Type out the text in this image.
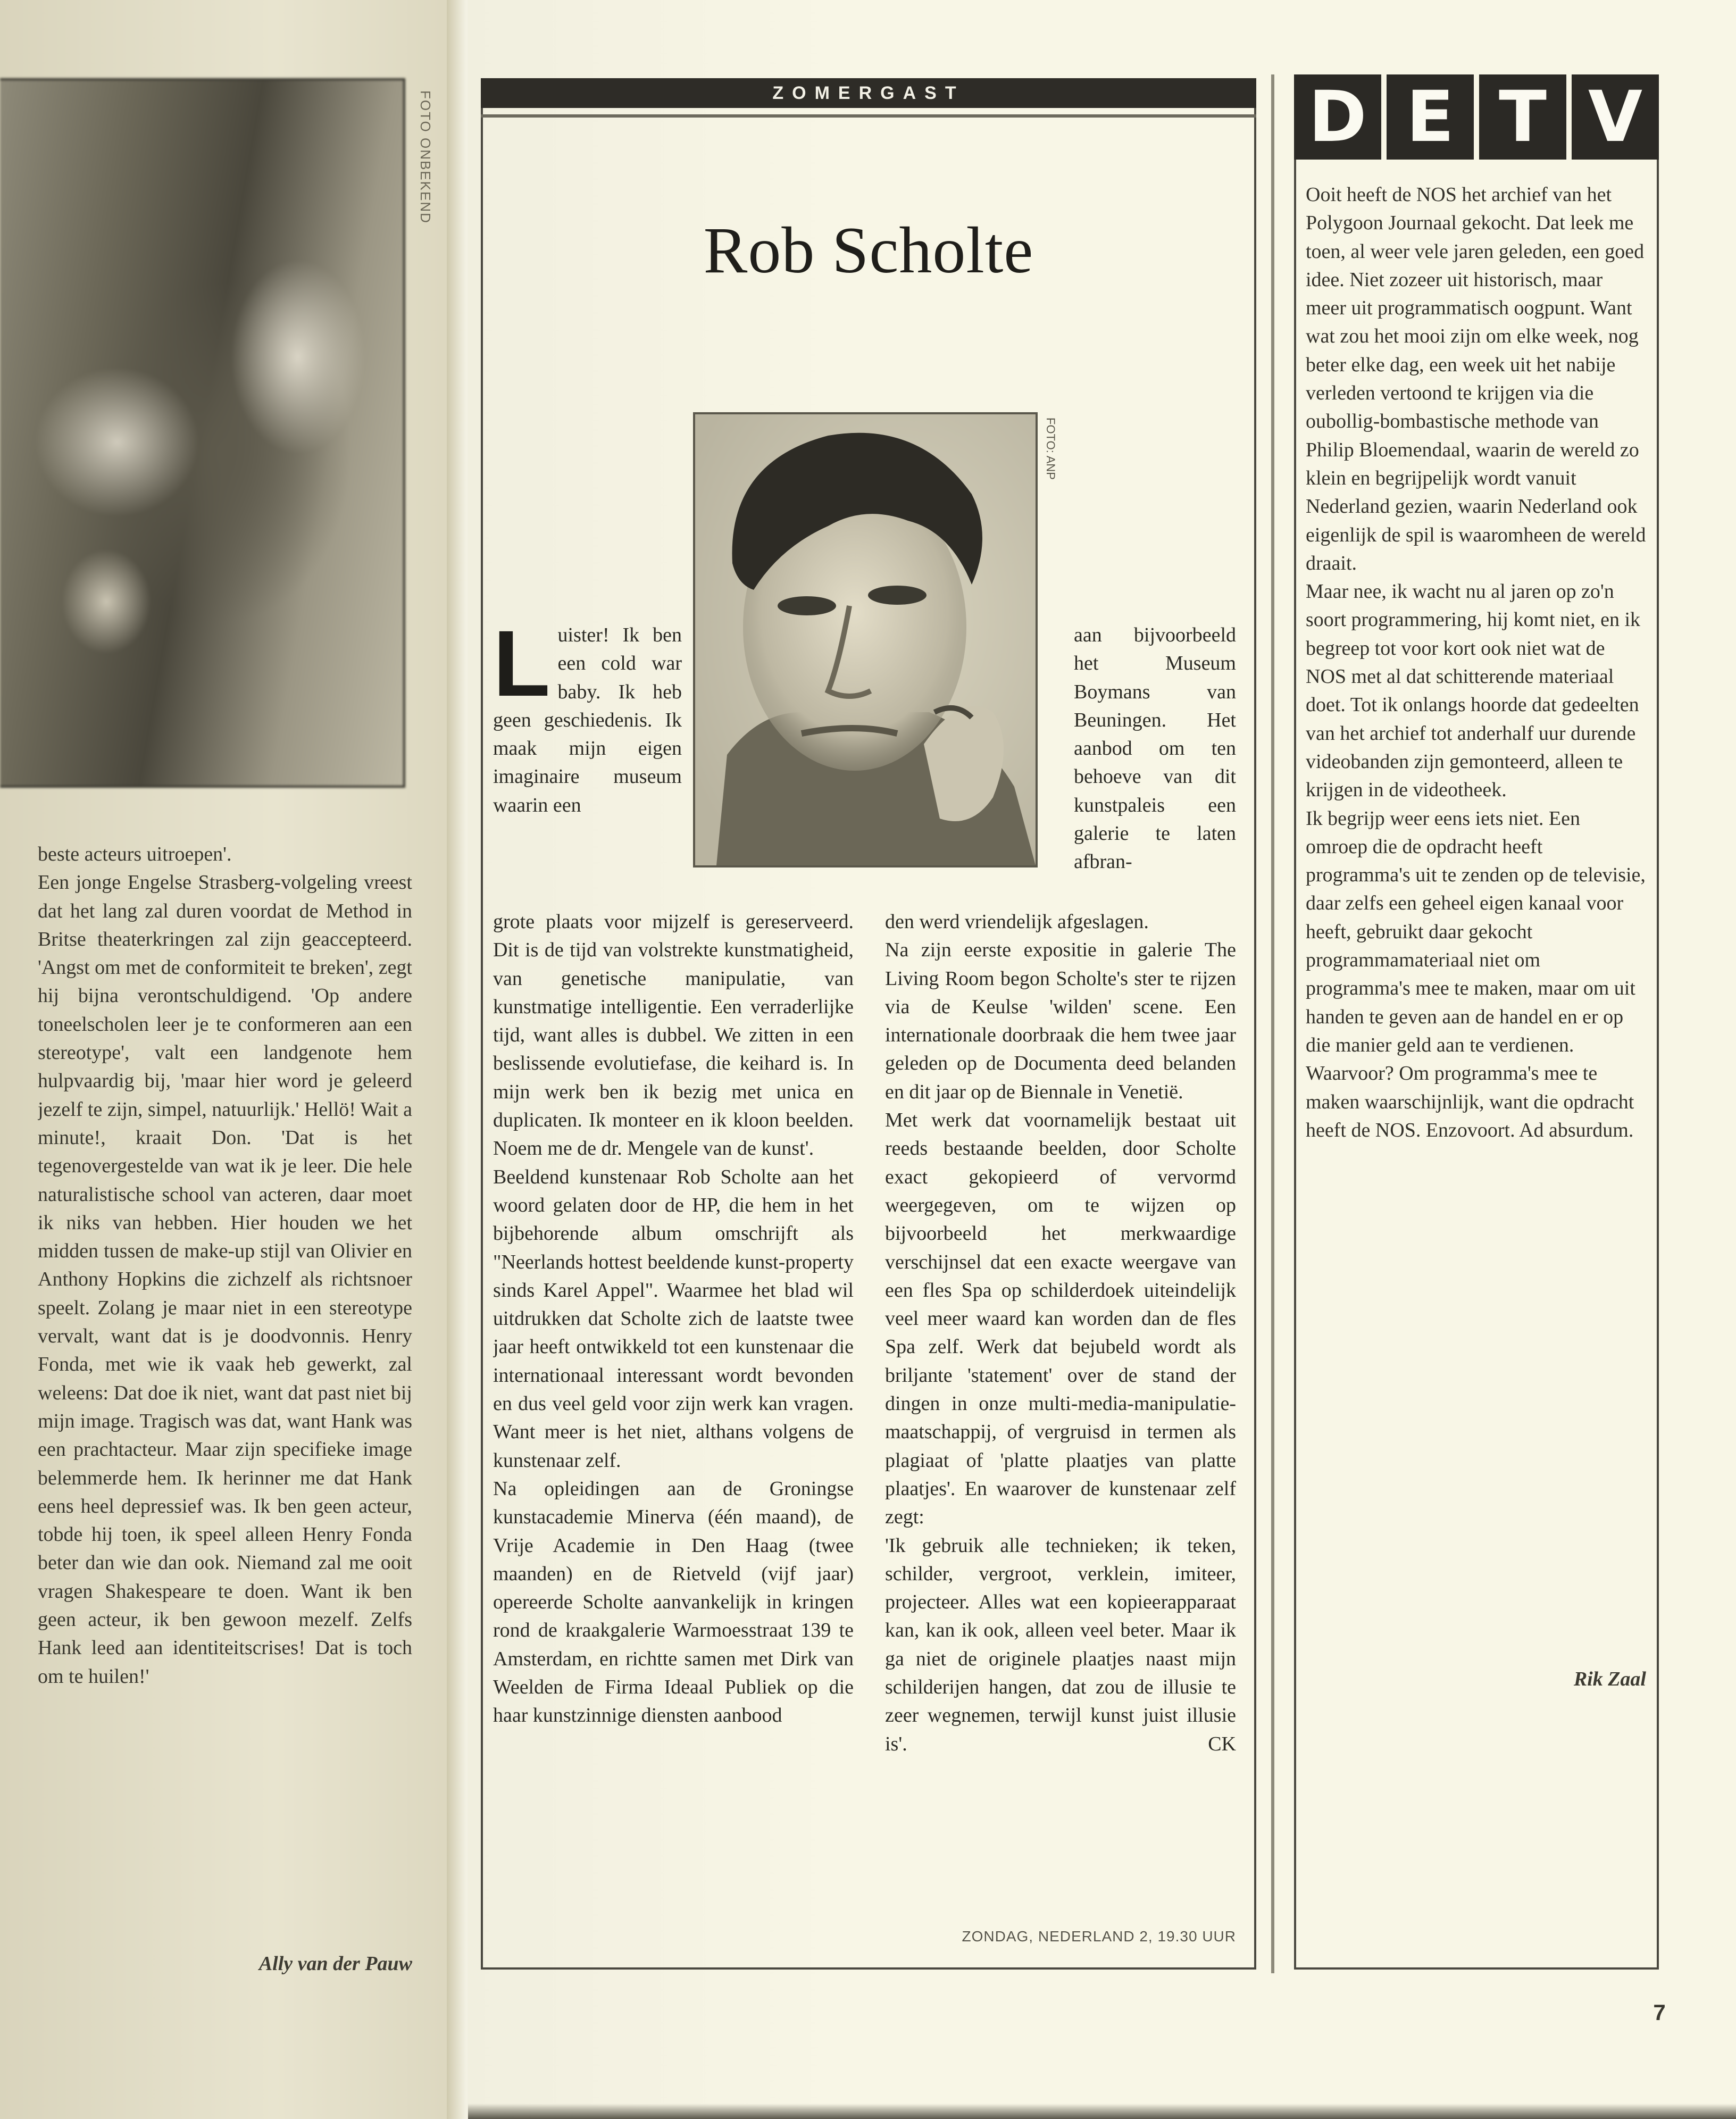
FOTO ONBEKEND

beste acteurs uitroepen'.

Een jonge Engelse Strasberg-volgeling vreest dat het lang zal duren voordat de Method in Britse theaterkringen zal zijn geaccepteerd. 'Angst om met de conformiteit te breken', zegt hij bijna verontschuldigend. 'Op andere toneelscholen leer je te conformeren aan een stereotype', valt een landgenote hem hulpvaardig bij, 'maar hier word je geleerd jezelf te zijn, simpel, natuurlijk.' Hellö! Wait a minute!, kraait Don. 'Dat is het tegenovergestelde van wat ik je leer. Die hele naturalistische school van acteren, daar moet ik niks van hebben. Hier houden we het midden tussen de make-up stijl van Olivier en Anthony Hopkins die zichzelf als richtsnoer speelt. Zolang je maar niet in een stereotype vervalt, want dat is je doodvonnis. Henry Fonda, met wie ik vaak heb gewerkt, zal weleens: Dat doe ik niet, want dat past niet bij mijn image. Tragisch was dat, want Hank was een prachtacteur. Maar zijn specifieke image belemmerde hem. Ik herinner me dat Hank eens heel depressief was. Ik ben geen acteur, tobde hij toen, ik speel alleen Henry Fonda beter dan wie dan ook. Niemand zal me ooit vragen Shakespeare te doen. Want ik ben geen acteur, ik ben gewoon mezelf. Zelfs Hank leed aan identiteitscrises! Dat is toch om te huilen!'

Ally van der Pauw
ZOMERGAST
Rob Scholte
FOTO: ANP
L uister! Ik ben een cold war baby. Ik heb geen geschiedenis. Ik maak mijn eigen imaginaire museum waarin een
aan bijvoorbeeld het Museum Boymans van Beuningen. Het aanbod om ten behoeve van dit kunstpaleis een galerie te laten afbran-

grote plaats voor mijzelf is gereserveerd. Dit is de tijd van volstrekte kunstmatigheid, van genetische manipulatie, van kunstmatige intelligentie. Een verraderlijke tijd, want alles is dubbel. We zitten in een beslissende evolutiefase, die keihard is. In mijn werk ben ik bezig met unica en duplicaten. Ik monteer en ik kloon beelden. Noem me de dr. Mengele van de kunst'.

Beeldend kunstenaar Rob Scholte aan het woord gelaten door de HP, die hem in het bijbehorende album omschrijft als "Neerlands hottest beeldende kunst-property sinds Karel Appel". Waarmee het blad wil uitdrukken dat Scholte zich de laatste twee jaar heeft ontwikkeld tot een kunstenaar die internationaal interessant wordt bevonden en dus veel geld voor zijn werk kan vragen. Want meer is het niet, althans volgens de kunstenaar zelf.

Na opleidingen aan de Groningse kunstacademie Minerva (één maand), de Vrije Academie in Den Haag (twee maanden) en de Rietveld (vijf jaar) opereerde Scholte aanvankelijk in kringen rond de kraakgalerie Warmoesstraat 139 te Amsterdam, en richtte samen met Dirk van Weelden de Firma Ideaal Publiek op die haar kunstzinnige diensten aanbood

den werd vriendelijk afgeslagen.

Na zijn eerste expositie in galerie The Living Room begon Scholte's ster te rijzen via de Keulse 'wilden' scene. Een internationale doorbraak die hem twee jaar geleden op de Documenta deed belanden en dit jaar op de Biennale in Venetië.

Met werk dat voornamelijk bestaat uit reeds bestaande beelden, door Scholte exact gekopieerd of vervormd weergegeven, om te wijzen op bijvoorbeeld het merkwaardige verschijnsel dat een exacte weergave van een fles Spa op schilderdoek uiteindelijk veel meer waard kan worden dan de fles Spa zelf. Werk dat bejubeld wordt als briljante 'statement' over de stand der dingen in onze multi-media-manipulatie-maatschappij, of vergruisd in termen als plagiaat of 'platte plaatjes van platte plaatjes'. En waarover de kunstenaar zelf zegt:

'Ik gebruik alle technieken; ik teken, schilder, vergroot, verklein, imiteer, projecteer. Alles wat een kopieerapparaat kan, kan ik ook, alleen veel beter. Maar ik ga niet de originele plaatjes naast mijn schilderijen hangen, dat zou de illusie te zeer wegnemen, terwijl kunst juist illusie is'.	CK

ZONDAG, NEDERLAND 2, 19.30 UUR
D E T V

Ooit heeft de NOS het archief van het Polygoon Journaal gekocht. Dat leek me toen, al weer vele jaren geleden, een goed idee. Niet zozeer uit historisch, maar meer uit programmatisch oogpunt. Want wat zou het mooi zijn om elke week, nog beter elke dag, een week uit het nabije verleden vertoond te krijgen via die oubollig-bombastische methode van Philip Bloemendaal, waarin de wereld zo klein en begrijpelijk wordt vanuit Nederland gezien, waarin Nederland ook eigenlijk de spil is waaromheen de wereld draait.

Maar nee, ik wacht nu al jaren op zo'n soort programmering, hij komt niet, en ik begreep tot voor kort ook niet wat de NOS met al dat schitterende materiaal doet. Tot ik onlangs hoorde dat gedeelten van het archief tot anderhalf uur durende videobanden zijn gemonteerd, alleen te krijgen in de videotheek.

Ik begrijp weer eens iets niet. Een omroep die de opdracht heeft programma's uit te zenden op de televisie, daar zelfs een geheel eigen kanaal voor heeft, gebruikt daar gekocht programmamateriaal niet om programma's mee te maken, maar om uit handen te geven aan de handel en er op die manier geld aan te verdienen. Waarvoor? Om programma's mee te maken waarschijnlijk, want die opdracht heeft de NOS. Enzovoort. Ad absurdum.

Rik Zaal
7
